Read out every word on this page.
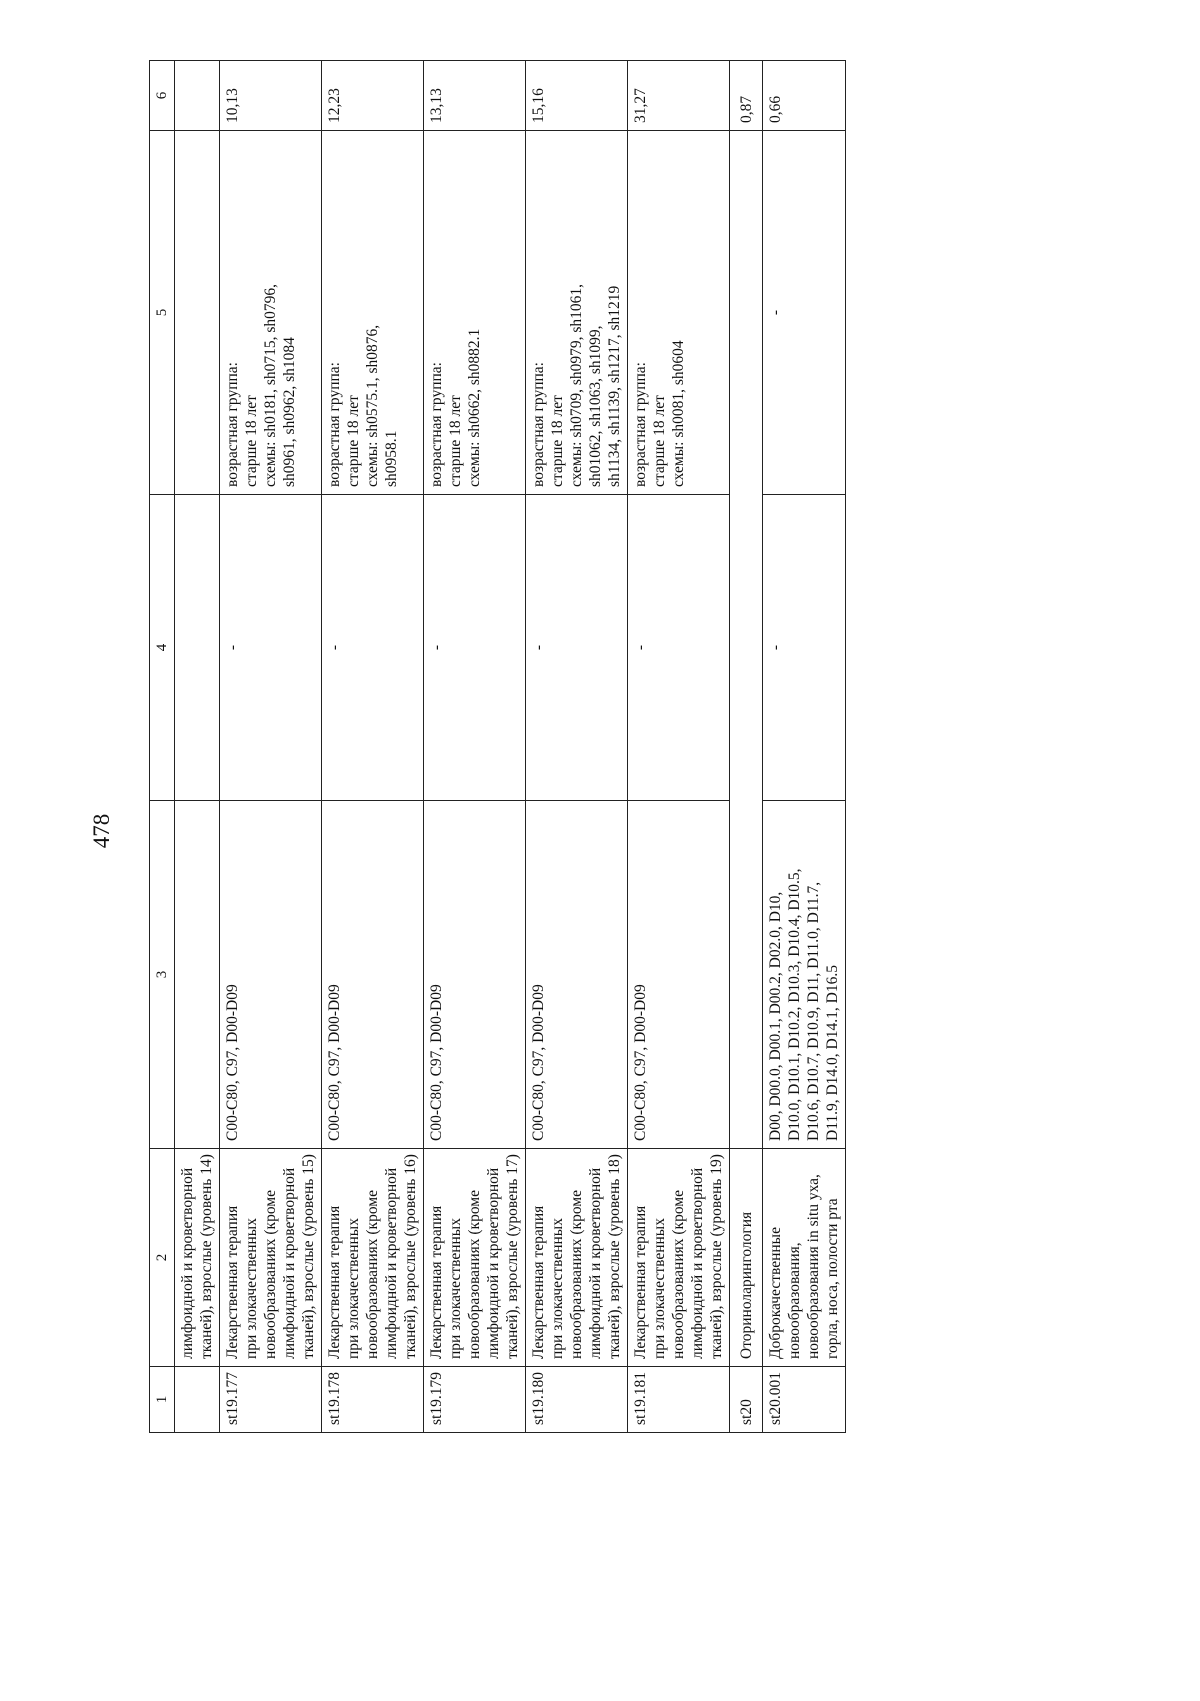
478
1	2	3	4	5	6

	лимфоидной и кроветворной тканей), взрослые (уровень 14)				

st19.177	Лекарственная терапия при злокачественных новообразованиях (кроме лимфоидной и кроветворной тканей), взрослые (уровень 15)	C00-C80, C97, D00-D09	-	возрастная группа: старше 18 лет схемы: sh0181, sh0715, sh0796, sh0961, sh0962, sh1084	10,13
st19.178	Лекарственная терапия при злокачественных новообразованиях (кроме лимфоидной и кроветворной тканей), взрослые (уровень 16)	C00-C80, C97, D00-D09	-	возрастная группа: старше 18 лет схемы: sh0575.1, sh0876, sh0958.1	12,23
st19.179	Лекарственная терапия при злокачественных новообразованиях (кроме лимфоидной и кроветворной тканей), взрослые (уровень 17)	C00-C80, C97, D00-D09	-	возрастная группа: старше 18 лет схемы: sh0662, sh0882.1	13,13
st19.180	Лекарственная терапия при злокачественных новообразованиях (кроме лимфоидной и кроветворной тканей), взрослые (уровень 18)	C00-C80, C97, D00-D09	-	возрастная группа: старше 18 лет схемы: sh0709, sh0979, sh1061, sh01062, sh1063, sh1099, sh1134, sh1139, sh1217, sh1219	15,16
st19.181	Лекарственная терапия при злокачественных новообразованиях (кроме лимфоидной и кроветворной тканей), взрослые (уровень 19)	C00-C80, C97, D00-D09	-	возрастная группа: старше 18 лет схемы: sh0081, sh0604	31,27
st20	Оториноларингология				0,87
st20.001	Доброкачественные новообразования, новообразования in situ уха, горла, носа, полости рта	D00, D00.0, D00.1, D00.2, D02.0, D10, D10.0, D10.1, D10.2, D10.3, D10.4, D10.5, D10.6, D10.7, D10.9, D11, D11.0, D11.7, D11.9, D14.0, D14.1, D16.5	-	-	0,66
